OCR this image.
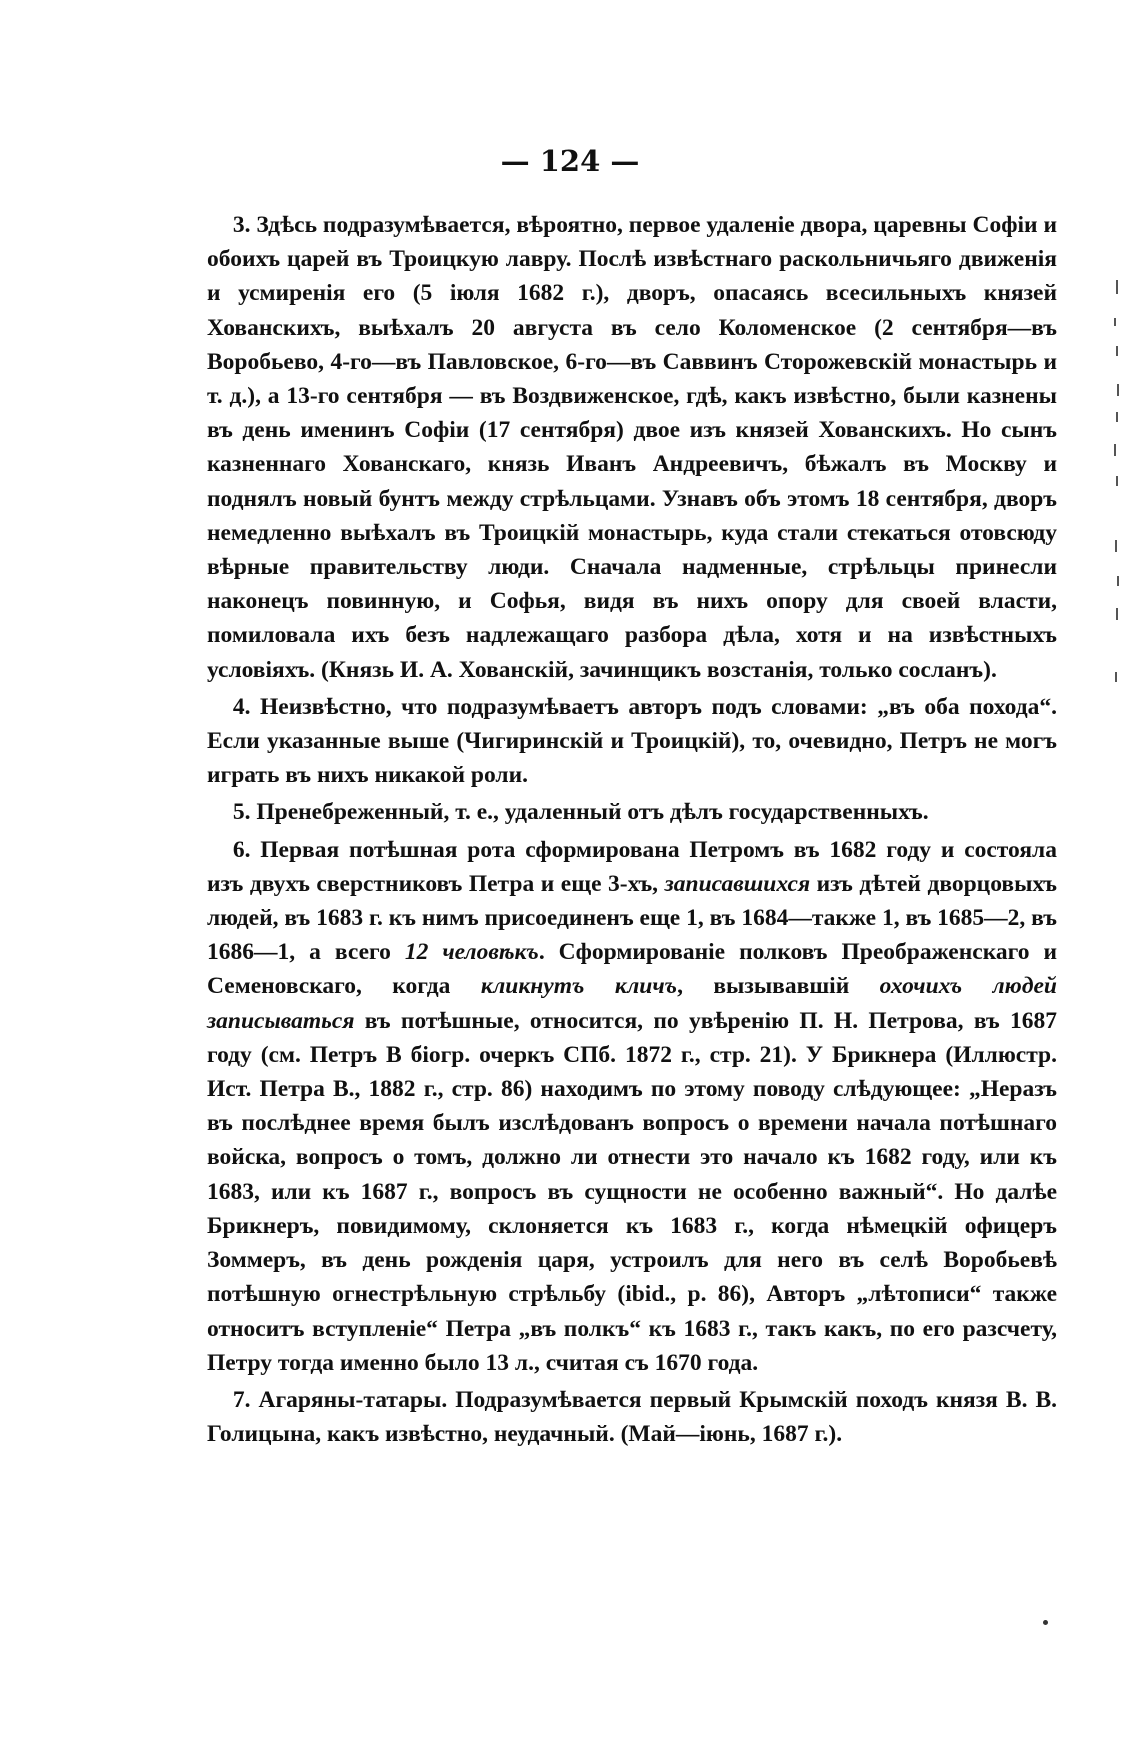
— 124 —

3. Здѣсь подразумѣвается, вѣроятно, первое удаленіе двора, царевны Софіи и обоихъ царей въ Троицкую лавру. Послѣ извѣстнаго раскольничьяго движенія и усмиренія его (5 іюля 1682 г.), дворъ, опасаясь всесильныхъ князей Хованскихъ, выѣхалъ 20 августа въ село Коломенское (2 сентября—въ Воробьево, 4-го—въ Павловское, 6-го—въ Саввинъ Сторожевскій монастырь и т. д.), а 13-го сентября — въ Воздвиженское, гдѣ, какъ извѣстно, были казнены въ день именинъ Софіи (17 сентября) двое изъ князей Хованскихъ. Но сынъ казненнаго Хованскаго, князь Иванъ Андреевичъ, бѣжалъ въ Москву и поднялъ новый бунтъ между стрѣльцами. Узнавъ объ этомъ 18 сентября, дворъ немедленно выѣхалъ въ Троицкій монастырь, куда стали стекаться отовсюду вѣрные правительству люди. Сначала надменные, стрѣльцы принесли наконецъ повинную, и Софья, видя въ нихъ опору для своей власти, помиловала ихъ безъ надлежащаго разбора дѣла, хотя и на извѣстныхъ условіяхъ. (Князь И. А. Хованскій, зачинщикъ возстанія, только сосланъ).

4. Неизвѣстно, что подразумѣваетъ авторъ подъ словами: „въ оба похода“. Если указанные выше (Чигиринскій и Троицкій), то, очевидно, Петръ не могъ играть въ нихъ никакой роли.

5. Пренебреженный, т. е., удаленный отъ дѣлъ государственныхъ.

6. Первая потѣшная рота сформирована Петромъ въ 1682 году и состояла изъ двухъ сверстниковъ Петра и еще 3-хъ, записавшихся изъ дѣтей дворцовыхъ людей, въ 1683 г. къ нимъ присоединенъ еще 1, въ 1684—также 1, въ 1685—2, въ 1686—1, а всего 12 человѣкъ. Сформированіе полковъ Преображенскаго и Семеновскаго, когда кликнутъ кличъ, вызывавшій охочихъ людей записываться въ потѣшные, относится, по увѣренію П. Н. Петрова, въ 1687 году (см. Петръ В біогр. очеркъ СПб. 1872 г., стр. 21). У Брикнера (Иллюстр. Ист. Петра В., 1882 г., стр. 86) находимъ по этому поводу слѣдующее: „Неразъ въ послѣднее время былъ изслѣдованъ вопросъ о времени начала потѣшнаго войска, вопросъ о томъ, должно ли отнести это начало къ 1682 году, или къ 1683, или къ 1687 г., вопросъ въ сущности не особенно важный“. Но далѣе Брикнеръ, повидимому, склоняется къ 1683 г., когда нѣмецкій офицеръ Зоммеръ, въ день рожденія царя, устроилъ для него въ селѣ Воробьевѣ потѣшную огнестрѣльную стрѣльбу (ibid., p. 86), Авторъ „лѣтописи“ также относитъ вступленіе“ Петра „въ полкъ“ къ 1683 г., такъ какъ, по его разсчету, Петру тогда именно было 13 л., считая съ 1670 года.

7. Агаряны-татары. Подразумѣвается первый Крымскій походъ князя В. В. Голицына, какъ извѣстно, неудачный. (Май—іюнь, 1687 г.).
